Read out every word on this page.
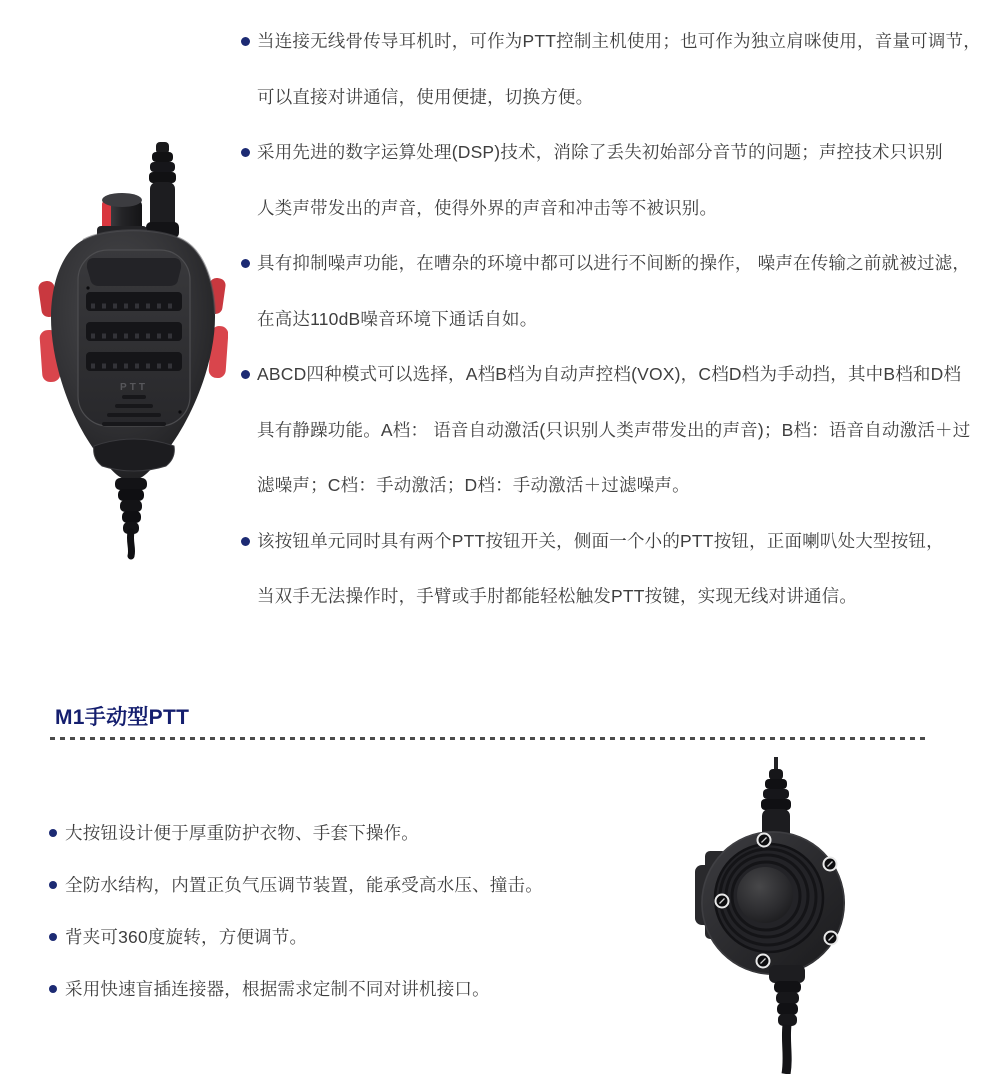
PTT
当连接无线骨传导耳机时，可作为PTT控制主机使用；也可作为独立肩咪使用，音量可调节，
可以直接对讲通信，使用便捷，切换方便。
采用先进的数字运算处理(DSP)技术，消除了丢失初始部分音节的问题；声控技术只识别
人类声带发出的声音，使得外界的声音和冲击等不被识别。
具有抑制噪声功能，在嘈杂的环境中都可以进行不间断的操作， 噪声在传输之前就被过滤，
在高达110dB噪音环境下通话自如。
ABCD四种模式可以选择，A档B档为自动声控档(VOX)，C档D档为手动挡，其中B档和D档
具有静躁功能。A档： 语音自动激活(只识别人类声带发出的声音)；B档：语音自动激活＋过
滤噪声；C档：手动激活；D档：手动激活＋过滤噪声。
该按钮单元同时具有两个PTT按钮开关，侧面一个小的PTT按钮，正面喇叭处大型按钮，
当双手无法操作时，手臂或手肘都能轻松触发PTT按键，实现无线对讲通信。
M1手动型PTT
大按钮设计便于厚重防护衣物、手套下操作。
全防水结构，内置正负气压调节装置，能承受高水压、撞击。
背夹可360度旋转，方便调节。
采用快速盲插连接器，根据需求定制不同对讲机接口。
